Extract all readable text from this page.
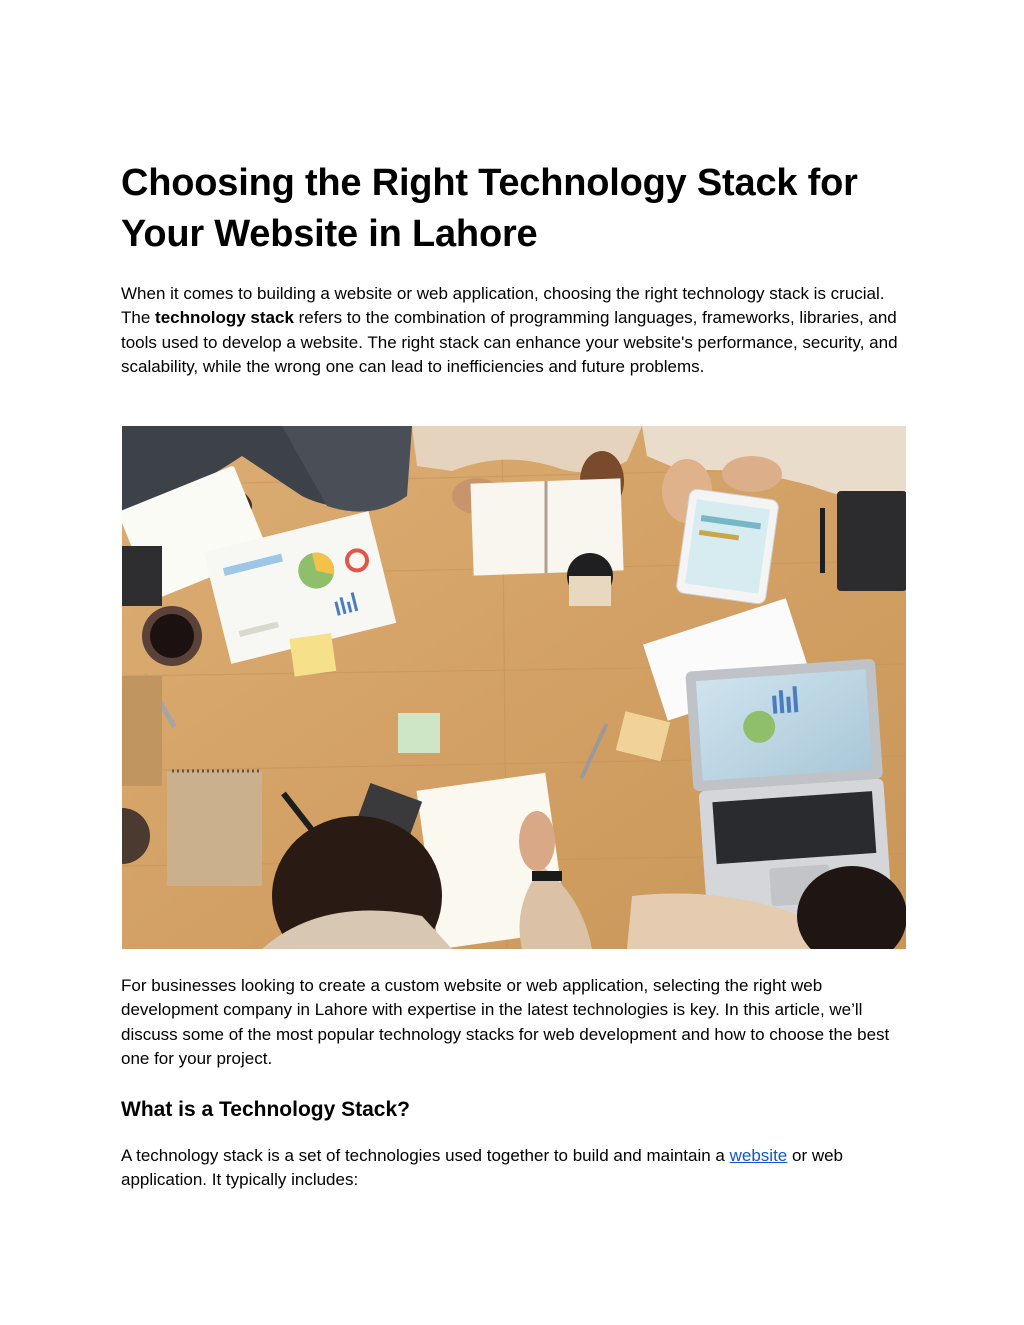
Choosing the Right Technology Stack for Your Website in Lahore

When it comes to building a website or web application, choosing the right technology stack is crucial. The technology stack refers to the combination of programming languages, frameworks, libraries, and tools used to develop a website. The right stack can enhance your website's performance, security, and scalability, while the wrong one can lead to inefficiencies and future problems.

For businesses looking to create a custom website or web application, selecting the right web development company in Lahore with expertise in the latest technologies is key. In this article, we’ll discuss some of the most popular technology stacks for web development and how to choose the best one for your project.

What is a Technology Stack?

A technology stack is a set of technologies used together to build and maintain a website or web application. It typically includes:
